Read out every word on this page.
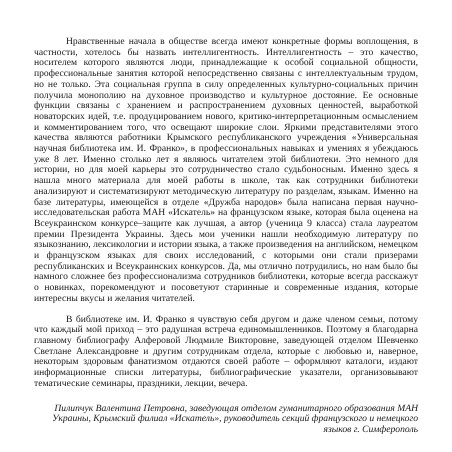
Нравственные начала в обществе всегда имеют конкретные формы воплощения, в частности, хотелось бы назвать интеллигентность. Интеллигентность – это качество, носителем которого являются люди, принадлежащие к особой социальной общности, профессиональные занятия которой непосредственно связаны с интеллектуальным трудом, но не только. Эта социальная группа в силу определенных культурно-социальных причин получила монополию на духовное производство и культурное достояние. Ее основные функции связаны с хранением и распространением духовных ценностей, выработкой новаторских идей, т.е. продуцированием нового, критико-интерпретационным осмыслением и комментированием того, что освещают широкие слои. Яркими представителями этого качества являются работники Крымского республиканского учреждения «Универсальная научная библиотека им. И. Франко», в профессиональных навыках и умениях я убеждаюсь уже 8 лет. Именно столько лет я являюсь читателем этой библиотеки. Это немного для истории, но для моей карьеры это сотрудничество стало судьбоносным. Именно здесь я нашла много материала для моей работы в школе, так как сотрудники библиотеки анализируют и систематизируют методическую литературу по разделам, языкам. Именно на базе литературы, имеющейся в отделе «Дружба народов» была написана первая научно-исследовательская работа МАН «Искатель» на французском языке, которая была оценена на Всеукраинском конкурсе–защите как лучшая, а автор (ученица 9 класса) стала лауреатом премии Президента Украины. Здесь мои ученики нашли необходимую литературу по языкознанию, лексикологии и истории языка, а также произведения на английском, немецком и французском языках для своих исследований, с которыми они стали призерами республиканских и Всеукраинских конкурсов. Да, мы отлично потрудились, но нам было бы намного сложнее без профессионализма сотрудников библиотеки, которые всегда расскажут о новинках, порекомендуют и посоветуют старинные и современные издания, которые интересны вкусы и желания читателей.

В библиотеке им. И. Франко я чувствую себя другом и даже членом семьи, потому что каждый мой приход – это радушная встреча единомышленников. Поэтому я благодарна главному библиографу Алферовой Людмиле Викторовне, заведующей отделом Шевченко Светлане Александровне и другим сотрудникам отдела, которые с любовью и, наверное, некоторым здоровым фанатизмом отдаются своей работе – оформляют каталоги, издают информационные списки литературы, библиографические указатели, организовывают тематические семинары, праздники, лекции, вечера.

Пилипчук Валентина Петровна, заведующая отделом гуманитарного образования МАН Украины, Крымский филиал «Искатель», руководитель секций французского и немецкого языков г. Симферополь
